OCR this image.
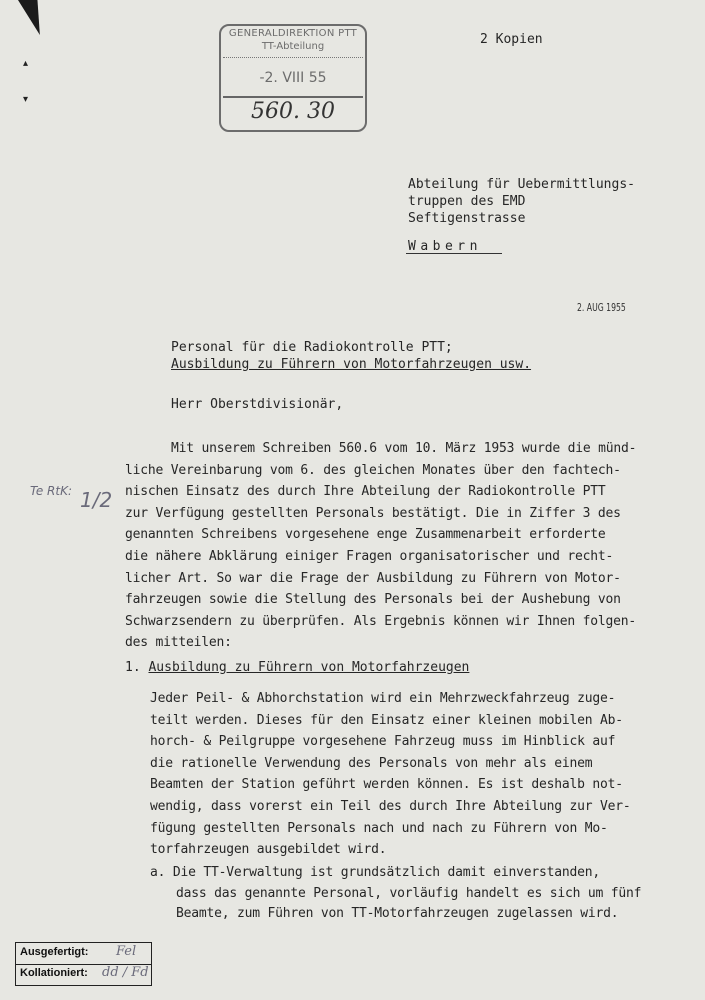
▴
▾
GENERALDIREKTION PTT
TT-Abteilung
-2. VIII 55
560. 30
2 Kopien
Abteilung für Uebermittlungs-
truppen des EMD
Seftigenstrasse
Wabern
2. AUG 1955
Personal für die Radiokontrolle PTT;
Ausbildung zu Führern von Motorfahrzeugen usw.
Herr Oberstdivisionär,
Te RtK: 1/2
Mit unserem Schreiben 560.6 vom 10. März 1953 wurde die münd-
liche Vereinbarung vom 6. des gleichen Monates über den fachtech-
nischen Einsatz des durch Ihre Abteilung der Radiokontrolle PTT
zur Verfügung gestellten Personals bestätigt. Die in Ziffer 3 des
genannten Schreibens vorgesehene enge Zusammenarbeit erforderte
die nähere Abklärung einiger Fragen organisatorischer und recht-
licher Art. So war die Frage der Ausbildung zu Führern von Motor-
fahrzeugen sowie die Stellung des Personals bei der Aushebung von
Schwarzsendern zu überprüfen. Als Ergebnis können wir Ihnen folgen-
des mitteilen:
1. Ausbildung zu Führern von Motorfahrzeugen
Jeder Peil- & Abhorchstation wird ein Mehrzweckfahrzeug zuge-
teilt werden. Dieses für den Einsatz einer kleinen mobilen Ab-
horch- & Peilgruppe vorgesehene Fahrzeug muss im Hinblick auf
die rationelle Verwendung des Personals von mehr als einem
Beamten der Station geführt werden können. Es ist deshalb not-
wendig, dass vorerst ein Teil des durch Ihre Abteilung zur Ver-
fügung gestellten Personals nach und nach zu Führern von Mo-
torfahrzeugen ausgebildet wird.
a. Die TT-Verwaltung ist grundsätzlich damit einverstanden,
dass das genannte Personal, vorläufig handelt es sich um fünf
Beamte, zum Führen von TT-Motorfahrzeugen zugelassen wird.
Ausgefertigt: Fel
Kollationiert: dd / Fd
